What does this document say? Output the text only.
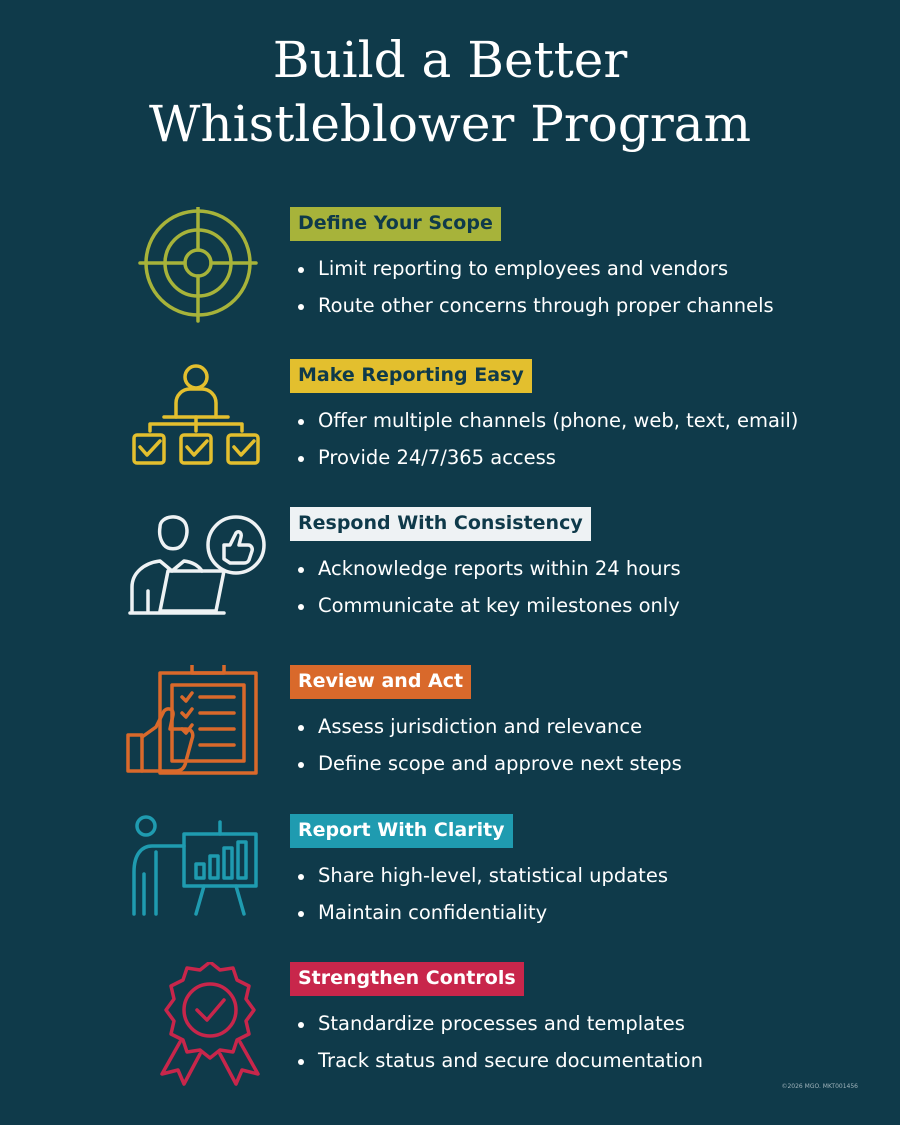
Build a Better
Whistleblower Program
Define Your Scope
Limit reporting to employees and vendors
Route other concerns through proper channels
Make Reporting Easy
Offer multiple channels (phone, web, text, email)
Provide 24/7/365 access
Respond With Consistency
Acknowledge reports within 24 hours
Communicate at key milestones only
Review and Act
Assess jurisdiction and relevance
Define scope and approve next steps
Report With Clarity
Share high-level, statistical updates
Maintain confidentiality
Strengthen Controls
Standardize processes and templates
Track status and secure documentation
©2026 MGO. MKT001456
